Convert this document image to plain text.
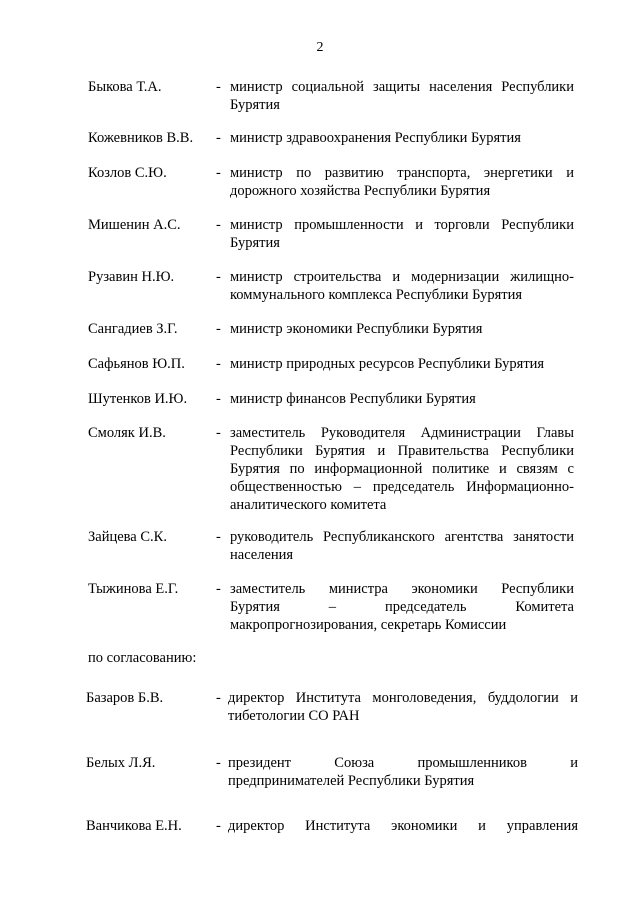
2
Быкова Т.А.	- министр социальной защиты населения Республики
Бурятия
Кожевников В.В. - министр здравоохранения Республики Бурятия
Козлов С.Ю.	- министр по развитию транспорта, энергетики и
дорожного хозяйства Республики Бурятия
Мишенин А.С. - министр промышленности и торговли Республики
Бурятия
Рузавин Н.Ю.	- министр строительства и модернизации жилищно-
коммунального комплекса Республики Бурятия
Сангадиев З.Г.	- министр экономики Республики Бурятия
Сафьянов Ю.П. - министр природных ресурсов Республики Бурятия
Шутенков И.Ю. - министр финансов Республики Бурятия
Смоляк И.В.	- заместитель Руководителя Администрации Главы
Республики Бурятия и Правительства Республики
Бурятия по информационной политике и связям с
общественностью – председатель Информационно-
аналитического комитета
Зайцева С.К.	- руководитель Республиканского агентства занятости
населения
Тыжинова Е.Г.	- заместитель министра экономики Республики
Бурятия – председатель Комитета
макропрогнозирования, секретарь Комиссии
по согласованию:
Базаров Б.В.	- директор Института монголоведения, буддологии и
тибетологии СО РАН
Белых Л.Я.	- президент Союза промышленников и
предпринимателей Республики Бурятия
Ванчикова Е.Н. - директор Института экономики и управления
